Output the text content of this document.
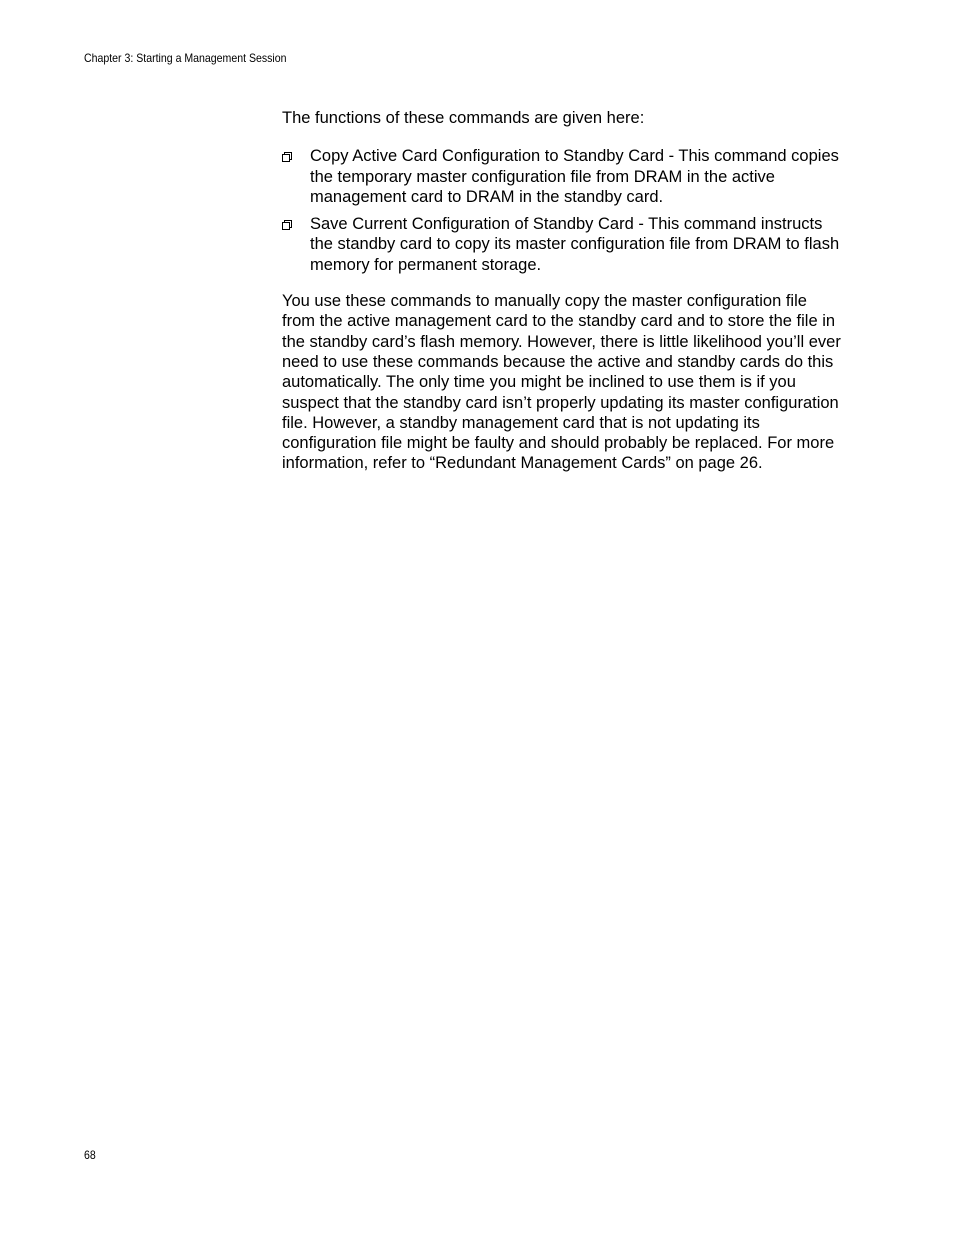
Chapter 3: Starting a Management Session

The functions of these commands are given here:

Copy Active Card Configuration to Standby Card - This command copies the temporary master configuration file from DRAM in the active management card to DRAM in the standby card.
Save Current Configuration of Standby Card - This command instructs the standby card to copy its master configuration file from DRAM to flash memory for permanent storage.

You use these commands to manually copy the master configuration file from the active management card to the standby card and to store the file in the standby card’s flash memory. However, there is little likelihood you’ll ever need to use these commands because the active and standby cards do this automatically. The only time you might be inclined to use them is if you suspect that the standby card isn’t properly updating its master configuration file. However, a standby management card that is not updating its configuration file might be faulty and should probably be replaced. For more information, refer to “Redundant Management Cards” on page 26.

68
